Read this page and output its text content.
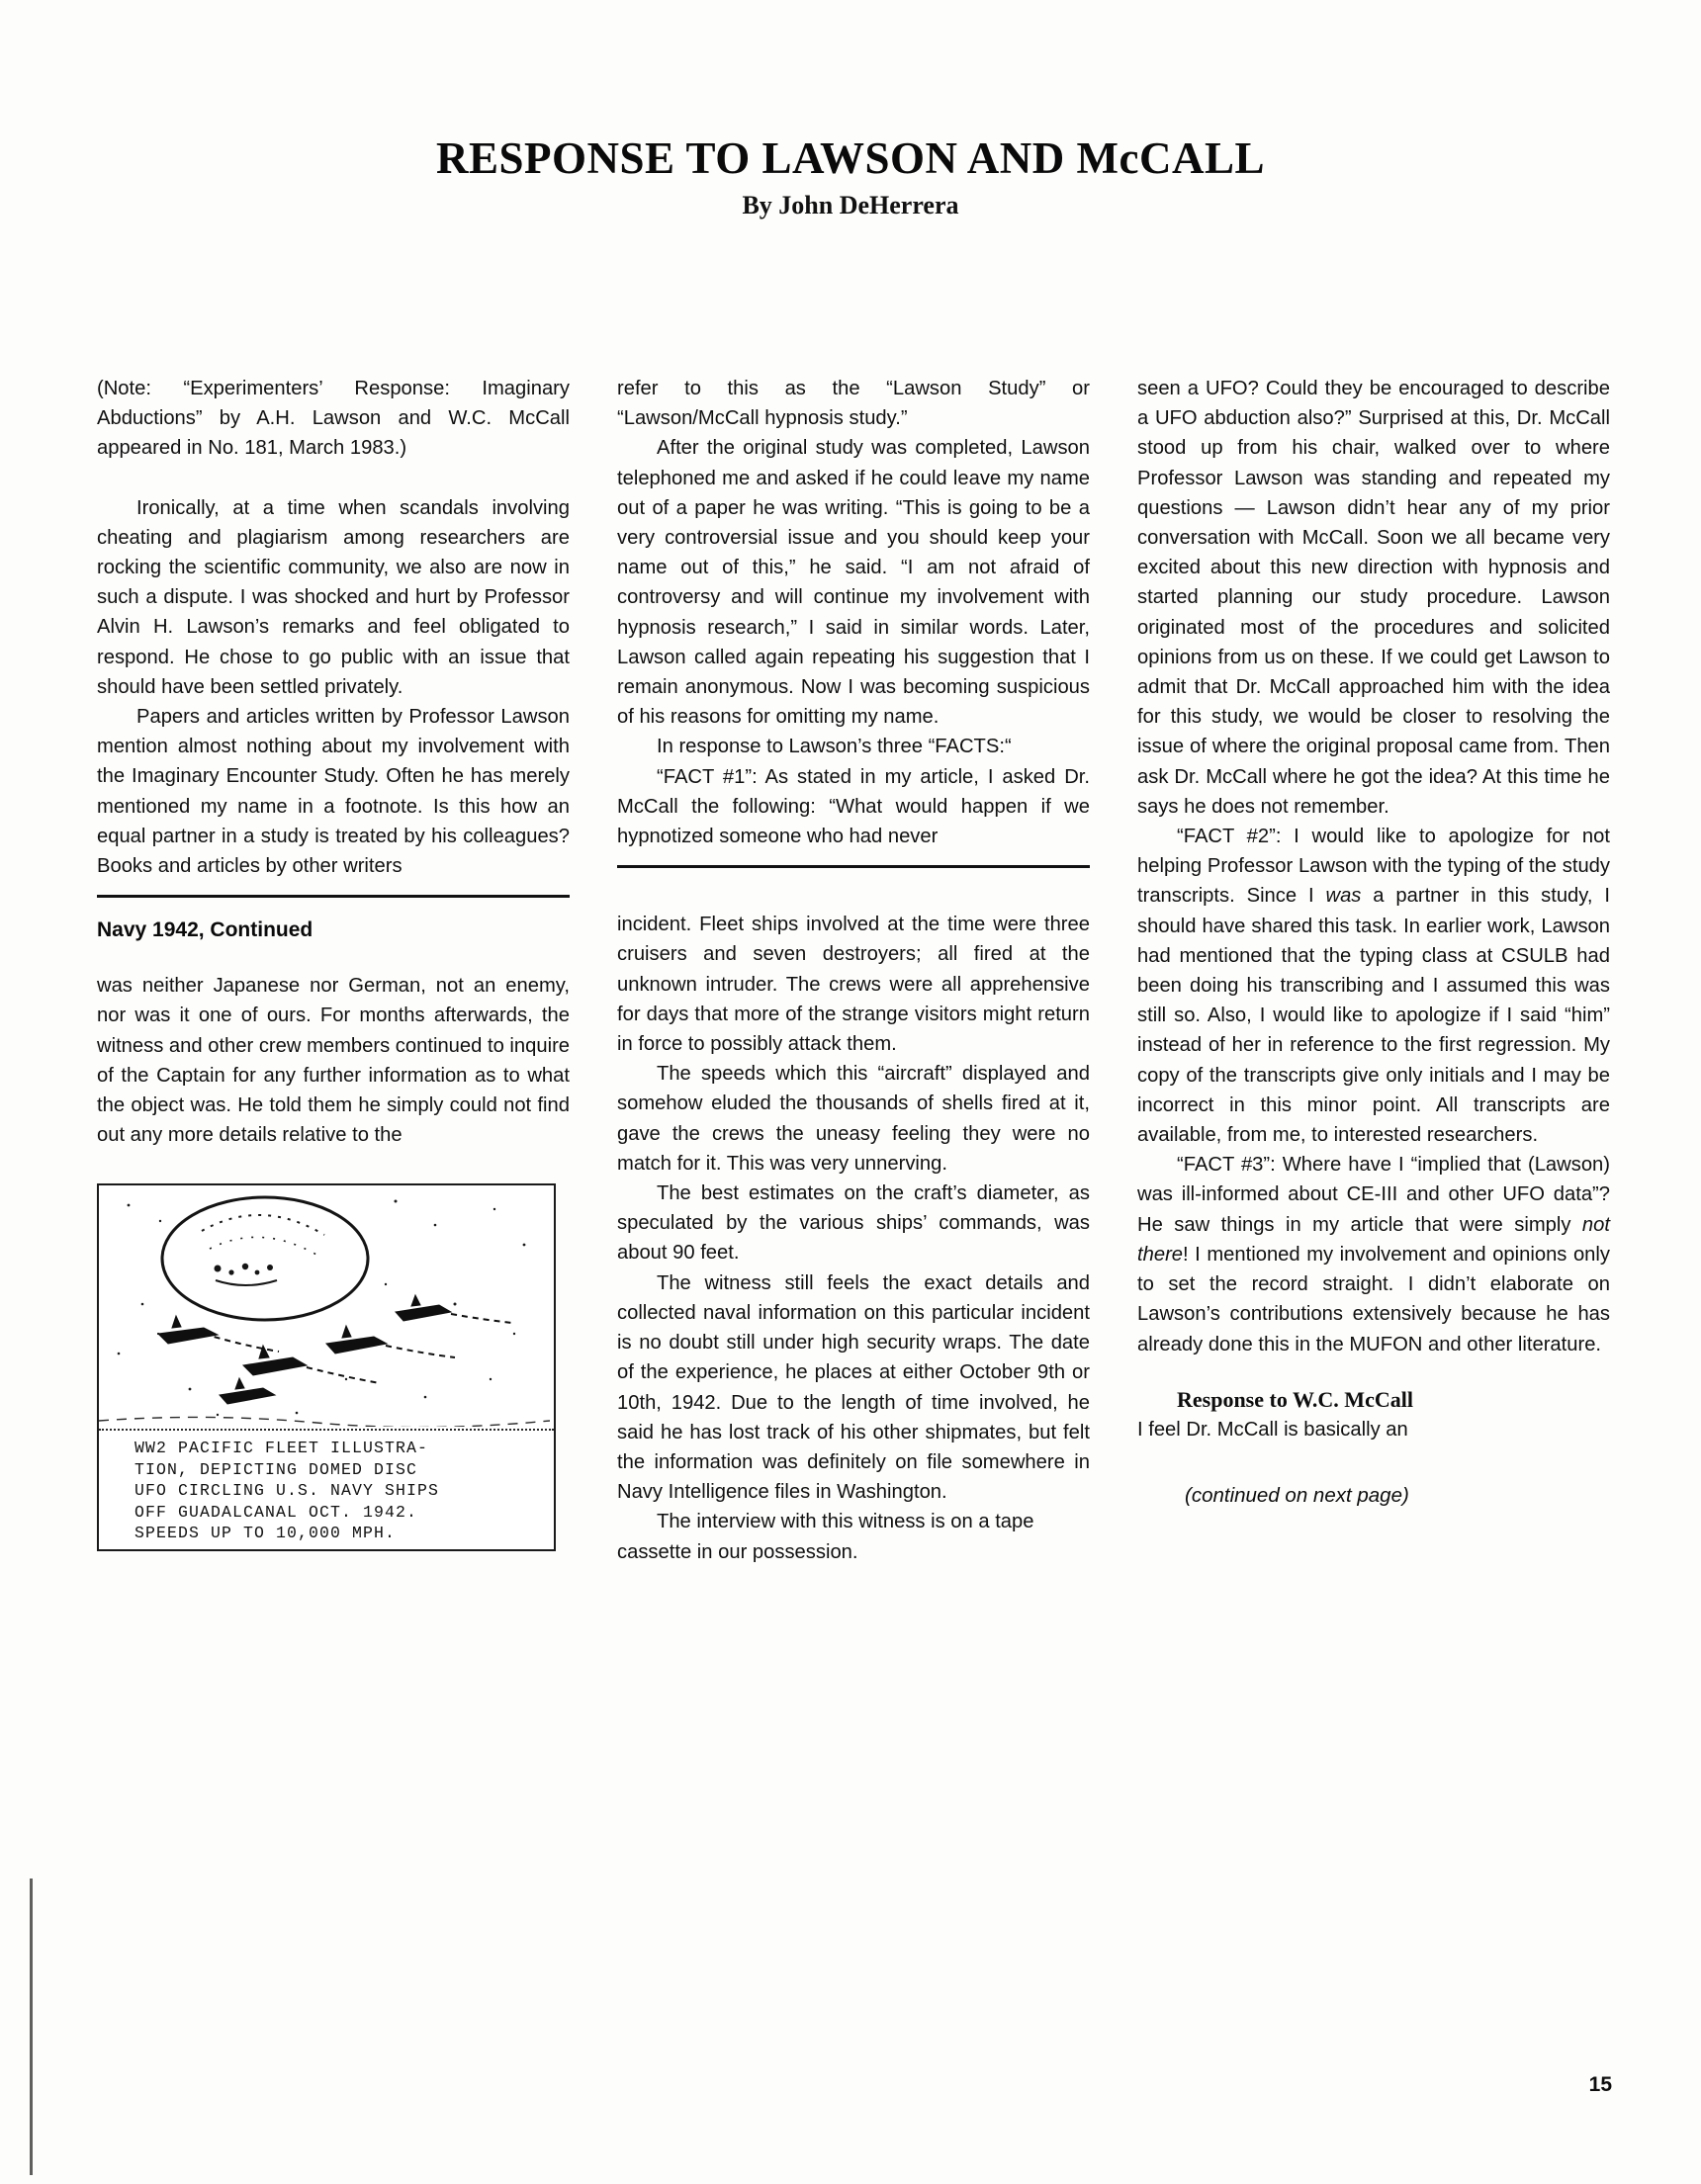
RESPONSE TO LAWSON AND McCALL
By John DeHerrera

(Note: “Experimenters’ Response: Imaginary Abductions” by A.H. Lawson and W.C. McCall appeared in No. 181, March 1983.)

Ironically, at a time when scandals involving cheating and plagiarism among researchers are rocking the scientific community, we also are now in such a dispute. I was shocked and hurt by Professor Alvin H. Lawson’s remarks and feel obligated to respond. He chose to go public with an issue that should have been settled privately.

Papers and articles written by Professor Lawson mention almost nothing about my involvement with the Imaginary Encounter Study. Often he has merely mentioned my name in a footnote. Is this how an equal partner in a study is treated by his colleagues? Books and articles by other writers

Navy 1942, Continued

was neither Japanese nor German, not an enemy, nor was it one of ours. For months afterwards, the witness and other crew members continued to inquire of the Captain for any further information as to what the object was. He told them he simply could not find out any more details relative to the

WW2 PACIFIC FLEET ILLUSTRA-
TION, DEPICTING DOMED DISC
UFO CIRCLING U.S. NAVY SHIPS
OFF GUADALCANAL OCT. 1942.
SPEEDS UP TO 10,000 MPH.

refer to this as the “Lawson Study” or “Lawson/McCall hypnosis study.”

After the original study was completed, Lawson telephoned me and asked if he could leave my name out of a paper he was writing. “This is going to be a very controversial issue and you should keep your name out of this,” he said. “I am not afraid of controversy and will continue my involvement with hypnosis research,” I said in similar words. Later, Lawson called again repeating his suggestion that I remain anonymous. Now I was becoming suspicious of his reasons for omitting my name.

In response to Lawson’s three “FACTS:“

“FACT #1”: As stated in my article, I asked Dr. McCall the following: “What would happen if we hypnotized someone who had never

incident. Fleet ships involved at the time were three cruisers and seven destroyers; all fired at the unknown intruder. The crews were all apprehensive for days that more of the strange visitors might return in force to possibly attack them.

The speeds which this “aircraft” displayed and somehow eluded the thousands of shells fired at it, gave the crews the uneasy feeling they were no match for it. This was very unnerving.

The best estimates on the craft’s diameter, as speculated by the various ships’ commands, was about 90 feet.

The witness still feels the exact details and collected naval information on this particular incident is no doubt still under high security wraps. The date of the experience, he places at either October 9th or 10th, 1942. Due to the length of time involved, he said he has lost track of his other shipmates, but felt the information was definitely on file somewhere in Navy Intelligence files in Washington.

The interview with this witness is on a tape cassette in our possession.

seen a UFO? Could they be encouraged to describe a UFO abduction also?” Surprised at this, Dr. McCall stood up from his chair, walked over to where Professor Lawson was standing and repeated my questions — Lawson didn’t hear any of my prior conversation with McCall. Soon we all became very excited about this new direction with hypnosis and started planning our study procedure. Lawson originated most of the procedures and solicited opinions from us on these. If we could get Lawson to admit that Dr. McCall approached him with the idea for this study, we would be closer to resolving the issue of where the original proposal came from. Then ask Dr. McCall where he got the idea? At this time he says he does not remember.

“FACT #2”: I would like to apologize for not helping Professor Lawson with the typing of the study transcripts. Since I was a partner in this study, I should have shared this task. In earlier work, Lawson had mentioned that the typing class at CSULB had been doing his transcribing and I assumed this was still so. Also, I would like to apologize if I said “him” instead of her in reference to the first regression. My copy of the transcripts give only initials and I may be incorrect in this minor point. All transcripts are available, from me, to interested researchers.

“FACT #3”: Where have I “implied that (Lawson) was ill-informed about CE-III and other UFO data”? He saw things in my article that were simply not there! I mentioned my involvement and opinions only to set the record straight. I didn’t elaborate on Lawson’s contributions extensively because he has already done this in the MUFON and other literature.

Response to W.C. McCall

I feel Dr. McCall is basically an

(continued on next page)
15
